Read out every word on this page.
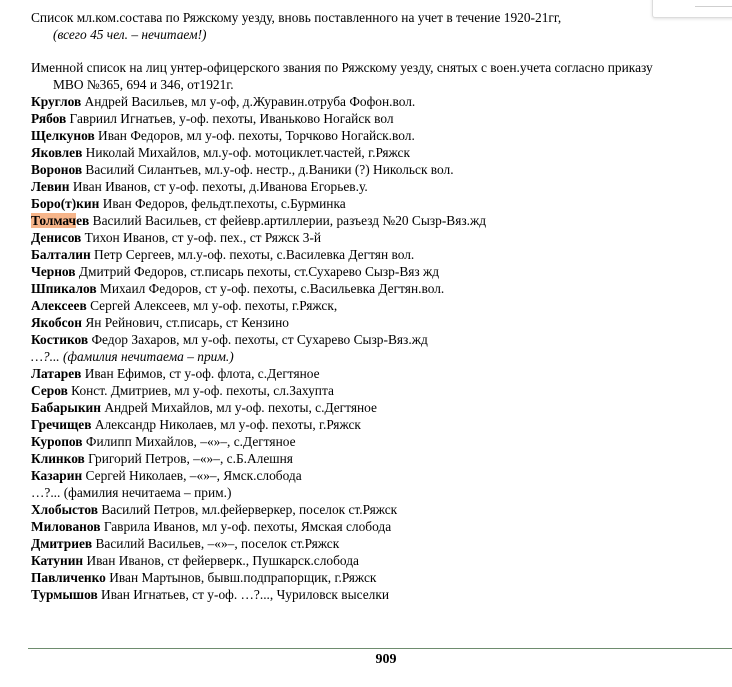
Список мл.ком.состава по Ряжскому уезду, вновь поставленного на учет в течение 1920-21гг,
(всего 45 чел. – нечитаем!)
Именной список на лиц унтер-офицерского звания по Ряжскому уезду, снятых с воен.учета согласно приказу
МВО №365, 694 и 346, от1921г.
Круглов Андрей Васильев, мл у-оф, д.Журавин.отруба Фофон.вол.
Рябов Гавриил Игнатьев, у-оф. пехоты, Иваньково Ногайск вол
Щелкунов Иван Федоров, мл у-оф. пехоты, Торчково Ногайск.вол.
Яковлев Николай Михайлов, мл.у-оф. мотоциклет.частей, г.Ряжск
Воронов Василий Силантьев, мл.у-оф. нестр., д.Ваники (?) Никольск вол.
Левин Иван Иванов, ст у-оф. пехоты, д.Иванова Егорьев.у.
Боро(т)кин Иван Федоров, фельдт.пехоты, с.Бурминка
Толмачев Василий Васильев, ст фейевр.артиллерии, разъезд №20 Сызр-Вяз.жд
Денисов Тихон Иванов, ст у-оф. пех., ст Ряжск 3-й
Балталин Петр Сергеев, мл.у-оф. пехоты, с.Василевка Дегтян вол.
Чернов Дмитрий Федоров, ст.писарь пехоты, ст.Сухарево Сызр-Вяз жд
Шпикалов Михаил Федоров, ст у-оф. пехоты, с.Васильевка Дегтян.вол.
Алексеев Сергей Алексеев, мл у-оф. пехоты, г.Ряжск,
Якобсон Ян Рейнович, ст.писарь, ст Кензино
Костиков Федор Захаров, мл у-оф. пехоты, ст Сухарево Сызр-Вяз.жд
…?... (фамилия нечитаема – прим.)
Латарев Иван Ефимов, ст у-оф. флота, с.Дегтяное
Серов Конст. Дмитриев, мл у-оф. пехоты, сл.Захупта
Бабарыкин Андрей Михайлов, мл у-оф. пехоты, с.Дегтяное
Гречищев Александр Николаев, мл у-оф. пехоты, г.Ряжск
Куропов Филипп Михайлов, –«»–, с.Дегтяное
Клинков Григорий Петров, –«»–, с.Б.Алешня
Казарин Сергей Николаев, –«»–, Ямск.слобода
…?... (фамилия нечитаема – прим.)
Хлобыстов Василий Петров, мл.фейерверкер, поселок ст.Ряжск
Милованов Гаврила Иванов, мл у-оф. пехоты, Ямская слобода
Дмитриев Василий Васильев, –«»–, поселок ст.Ряжск
Катунин Иван Иванов, ст фейерверк., Пушкарск.слобода
Павличенко Иван Мартынов, бывш.подпрапорщик, г.Ряжск
Турмышов Иван Игнатьев, ст у-оф. …?..., Чуриловск выселки
909
